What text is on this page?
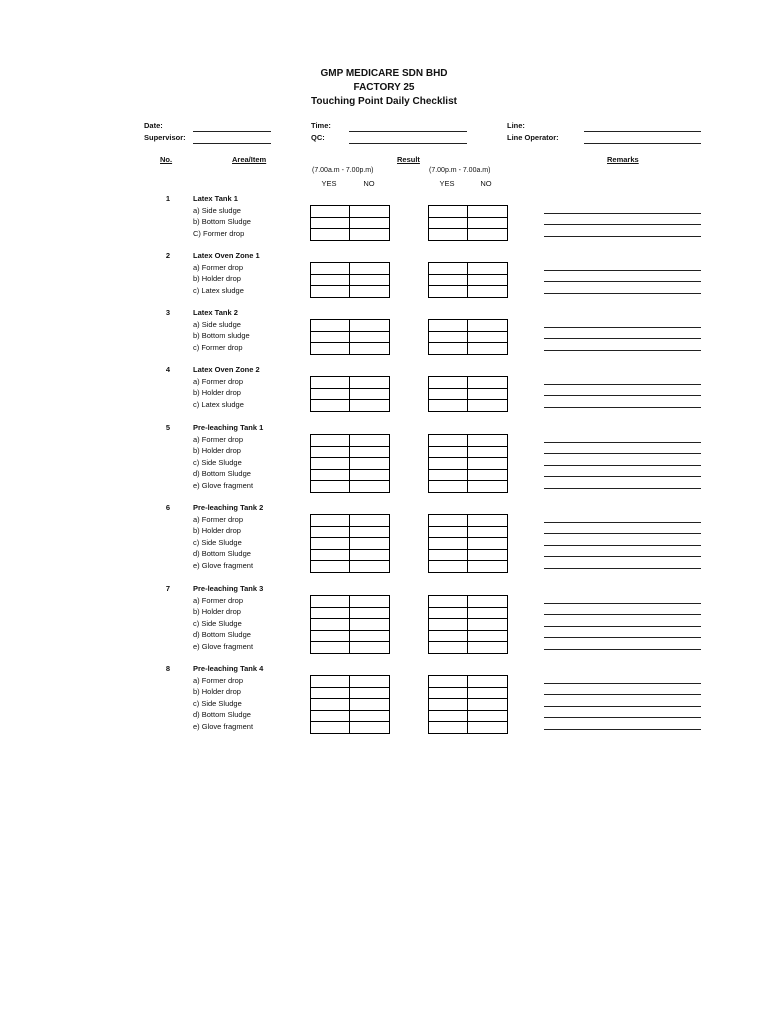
GMP MEDICARE SDN BHD
FACTORY 25
Touching Point Daily Checklist
Date:
Supervisor:
Time:
QC:
Line:
Line Operator:
No.	Area/Item	Result	Remarks
(7.00a.m - 7.00p.m)	(7.00p.m - 7.00a.m)
YES	NO	YES	NO
1	Latex Tank 1
a) Side sludge
b) Bottom Sludge
C) Former drop
2	Latex Oven Zone 1
a) Former drop
b) Holder drop
c) Latex sludge
3	Latex Tank 2
a) Side sludge
b) Bottom sludge
c) Former drop
4	Latex Oven Zone 2
a) Former drop
b) Holder drop
c) Latex sludge
5	Pre-leaching Tank 1
a) Former drop
b) Holder drop
c) Side Sludge
d) Bottom Sludge
e) Glove fragment
6	Pre-leaching Tank 2
a) Former drop
b) Holder drop
c) Side Sludge
d) Bottom Sludge
e) Glove fragment
7	Pre-leaching Tank 3
a) Former drop
b) Holder drop
c) Side Sludge
d) Bottom Sludge
e) Glove fragment
8	Pre-leaching Tank 4
a) Former drop
b) Holder drop
c) Side Sludge
d) Bottom Sludge
e) Glove fragment
